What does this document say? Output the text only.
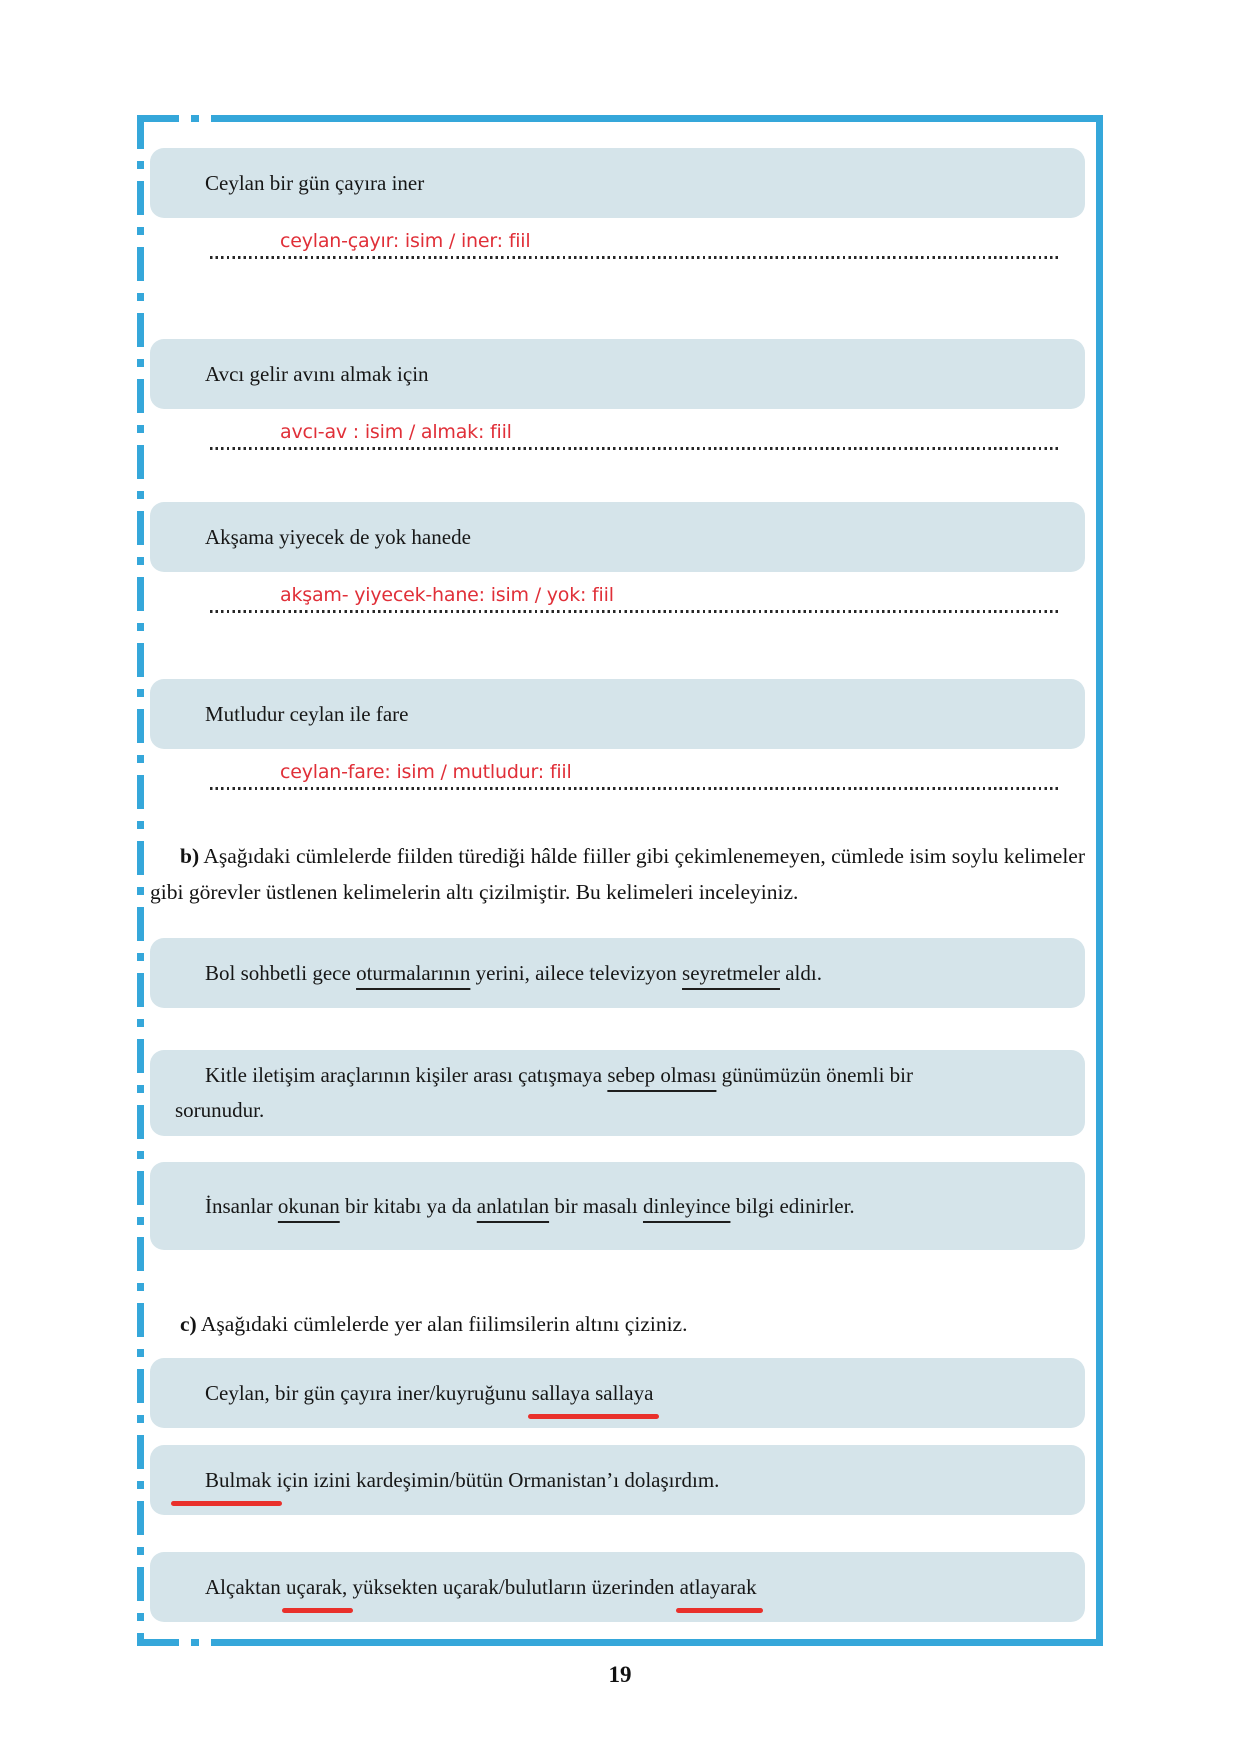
Ceylan bir gün çayıra iner

ceylan-çayır: isim / iner: fiil

Avcı gelir avını almak için

avcı-av : isim / almak: fiil

Akşama yiyecek de yok hanede

akşam- yiyecek-hane: isim / yok: fiil

Mutludur ceylan ile fare

ceylan-fare: isim / mutludur: fiil

b) Aşağıdaki cümlelerde fiilden türediği hâlde fiiller gibi çekimlenemeyen, cümlede isim soylu kelimeler gibi görevler üstlenen kelimelerin altı çizilmiştir. Bu kelimeleri inceleyiniz.

Bol sohbetli gece oturmalarının yerini, ailece televizyon seyretmeler aldı.

Kitle iletişim araçlarının kişiler arası çatışmaya sebep olması günümüzün önemli bir sorunudur.

İnsanlar okunan bir kitabı ya da anlatılan bir masalı dinleyince bilgi edinirler.

c) Aşağıdaki cümlelerde yer alan fiilimsilerin altını çiziniz.

Ceylan, bir gün çayıra iner/kuyruğunu sallaya sallaya

Bulmak için izini kardeşimin/bütün Ormanistan’ı dolaşırdım.

Alçaktan uçarak, yüksekten uçarak/bulutların üzerinden atlayarak

19
